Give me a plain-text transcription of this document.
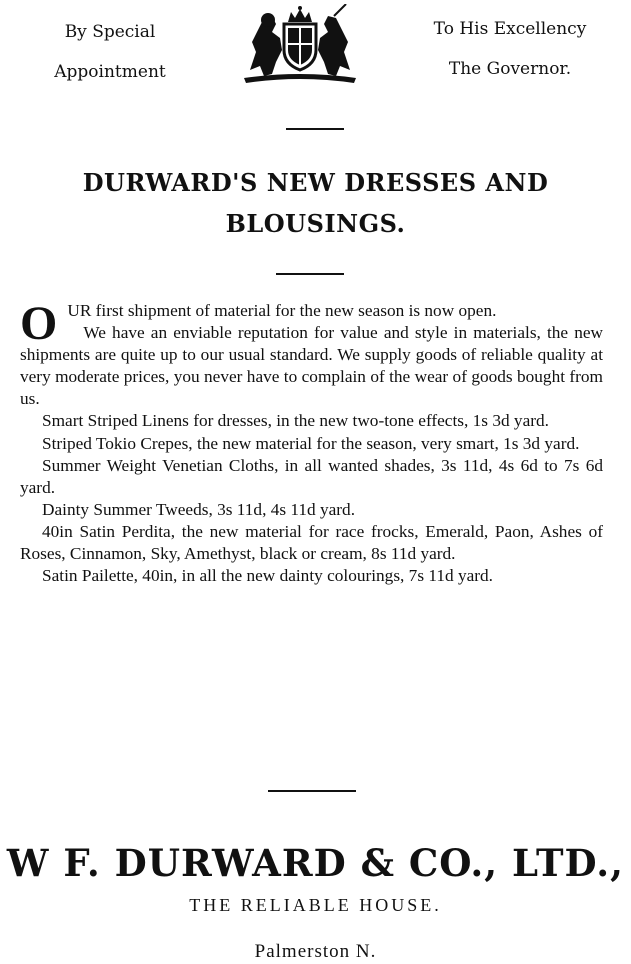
By Special
Appointment
To His Excellency
The Governor.
DURWARD'S NEW DRESSES AND
BLOUSINGS.

OUR first shipment of material for the new season is now open.

We have an enviable reputation for value and style in materials, the new shipments are quite up to our usual standard. We supply goods of reliable quality at very moderate prices, you never have to complain of the wear of goods bought from us.

Smart Striped Linens for dresses, in the new two-tone effects, 1s 3d yard.

Striped Tokio Crepes, the new material for the season, very smart, 1s 3d yard.

Summer Weight Venetian Cloths, in all wanted shades, 3s 11d, 4s 6d to 7s 6d yard.

Dainty Summer Tweeds, 3s 11d, 4s 11d yard.

40in Satin Perdita, the new material for race frocks, Emerald, Paon, Ashes of Roses, Cinnamon, Sky, Amethyst, black or cream, 8s 11d yard.

Satin Pailette, 40in, in all the new dainty colourings, 7s 11d yard.

W F. DURWARD & CO., LTD.,
THE RELIABLE HOUSE.
Palmerston N.
